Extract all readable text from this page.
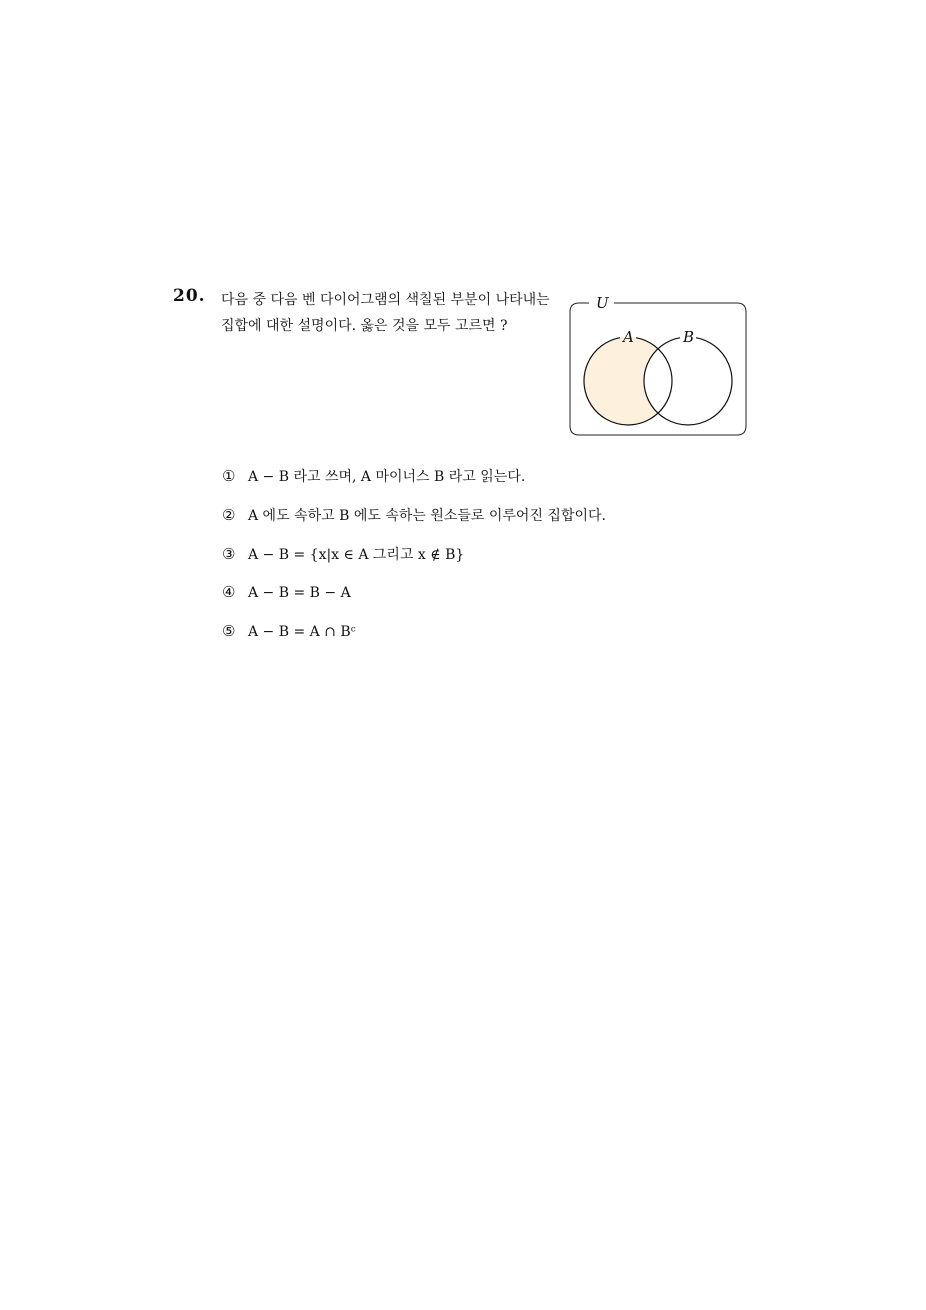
20. 다음 중 다음 벤 다이어그램의 색칠된 부분이 나타내는 집합에 대한 설명이다. 옳은 것을 모두 고르면 ?
U
A	B
① A − B 라고 쓰며, A 마이너스 B 라고 읽는다.
② A 에도 속하고 B 에도 속하는 원소들로 이루어진 집합이다.
③ A − B = {x|x ∈ A 그리고 x ∉ B}
④ A − B = B − A
⑤ A − B = A ∩ Bᶜ
